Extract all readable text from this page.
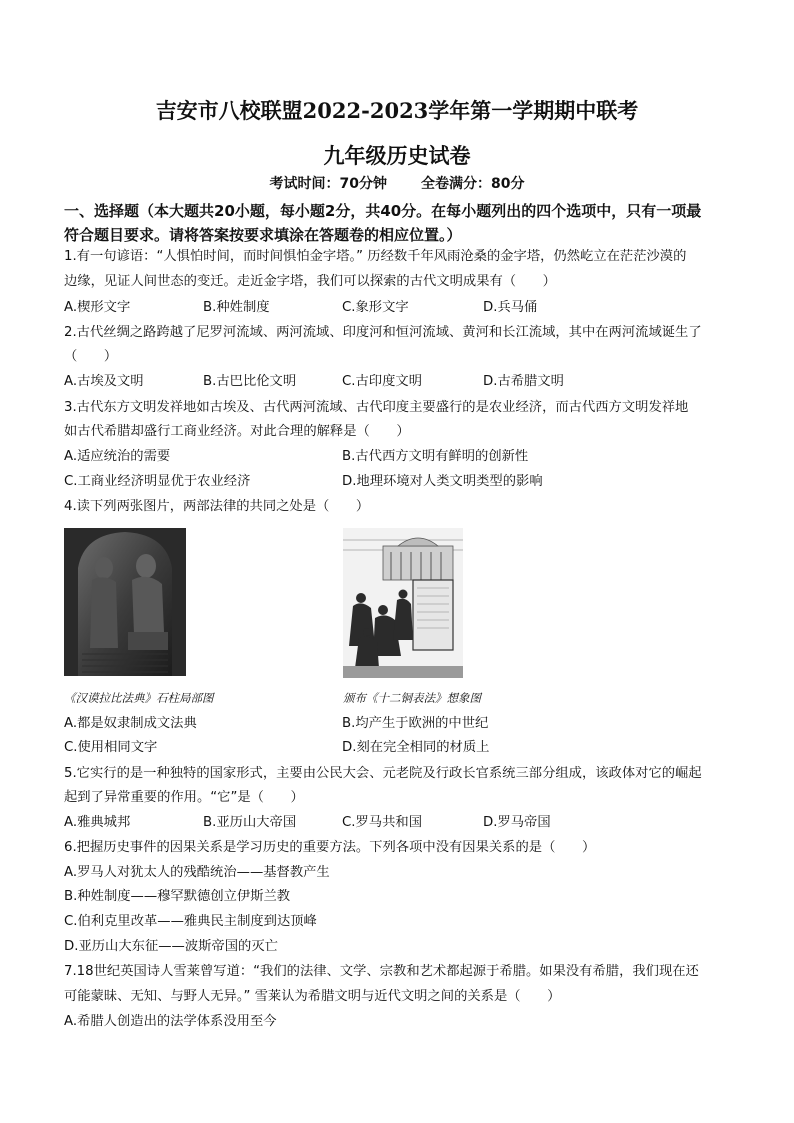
吉安市八校联盟2022-2023学年第一学期期中联考
九年级历史试卷
考试时间：70分钟 全卷满分：80分
一、选择题（本大题共20小题，每小题2分，共40分。在每小题列出的四个选项中，只有一项最
符合题目要求。请将答案按要求填涂在答题卷的相应位置。）
1.有一句谚语：“人惧怕时间，而时间惧怕金字塔。” 历经数千年风雨沧桑的金字塔，仍然屹立在茫茫沙漠的
边缘，见证人间世态的变迁。走近金字塔，我们可以探索的古代文明成果有（　　）
A.楔形文字	B.种姓制度	C.象形文字	D.兵马俑
2.古代丝绸之路跨越了尼罗河流域、两河流域、印度河和恒河流域、黄河和长江流域，其中在两河流域诞生了
（　　）
A.古埃及文明	B.古巴比伦文明	C.古印度文明	D.古希腊文明
3.古代东方文明发祥地如古埃及、古代两河流域、古代印度主要盛行的是农业经济，而古代西方文明发祥地
如古代希腊却盛行工商业经济。对此合理的解释是（　　）
A.适应统治的需要	B.古代西方文明有鲜明的创新性
C.工商业经济明显优于农业经济	D.地理环境对人类文明类型的影响
4.读下列两张图片，两部法律的共同之处是（　　）
《汉谟拉比法典》石柱局部图	颁布《十二铜表法》想象图
A.都是奴隶制成文法典	B.均产生于欧洲的中世纪
C.使用相同文字	D.刻在完全相同的材质上
5.它实行的是一种独特的国家形式，主要由公民大会、元老院及行政长官系统三部分组成，该政体对它的崛起
起到了异常重要的作用。“它”是（　　）
A.雅典城邦	B.亚历山大帝国	C.罗马共和国	D.罗马帝国
6.把握历史事件的因果关系是学习历史的重要方法。下列各项中没有因果关系的是（　　）
A.罗马人对犹太人的残酷统治——基督教产生
B.种姓制度——穆罕默德创立伊斯兰教
C.伯利克里改革——雅典民主制度到达顶峰
D.亚历山大东征——波斯帝国的灭亡
7.18世纪英国诗人雪莱曾写道：“我们的法律、文学、宗教和艺术都起源于希腊。如果没有希腊，我们现在还
可能蒙昧、无知、与野人无异。” 雪莱认为希腊文明与近代文明之间的关系是（　　）
A.希腊人创造出的法学体系没用至今
